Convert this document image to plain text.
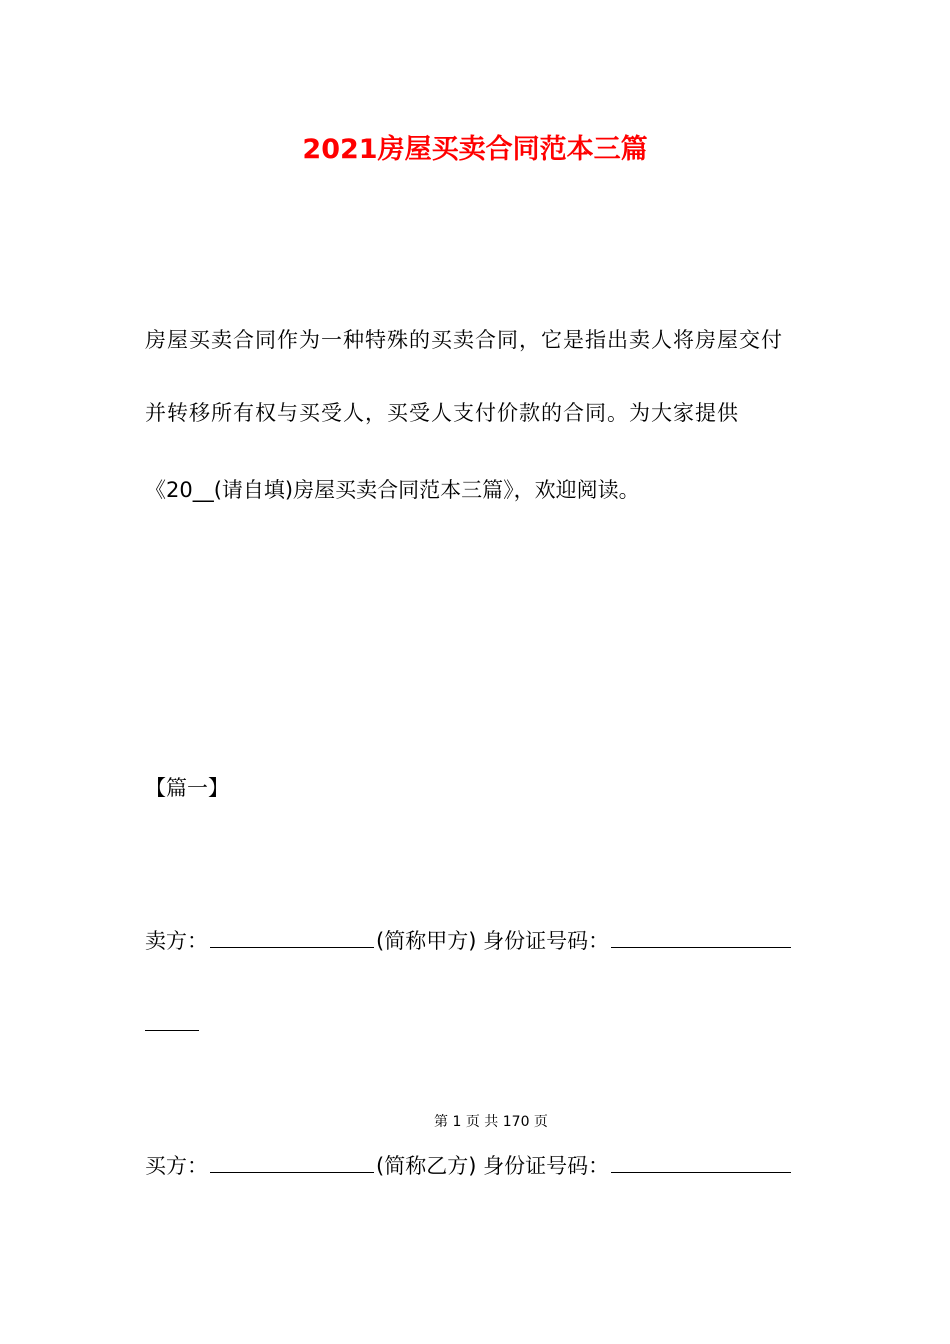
2021房屋买卖合同范本三篇
房屋买卖合同作为一种特殊的买卖合同，它是指出卖人将房屋交付
并转移所有权与买受人，买受人支付价款的合同。为大家提供
《20__(请自填)房屋买卖合同范本三篇》，欢迎阅读。
【篇一】
卖方：	(简称甲方) 身份证号码：
第 1 页 共 170 页
买方：	(简称乙方) 身份证号码：
